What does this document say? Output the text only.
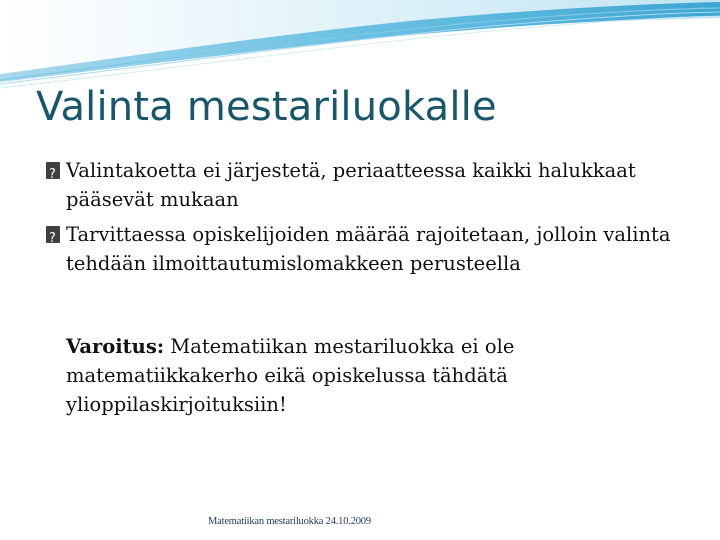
Valinta mestariluokalle
?
Valintakoetta ei järjestetä, periaatteessa kaikki halukkaat pääsevät mukaan
?
Tarvittaessa opiskelijoiden määrää rajoitetaan, jolloin valinta tehdään ilmoittautumislomakkeen perusteella
Varoitus: Matematiikan mestariluokka ei ole matematiikkakerho eikä opiskelussa tähdätä ylioppilaskirjoituksiin!
Matematiikan mestariluokka 24.10.2009
